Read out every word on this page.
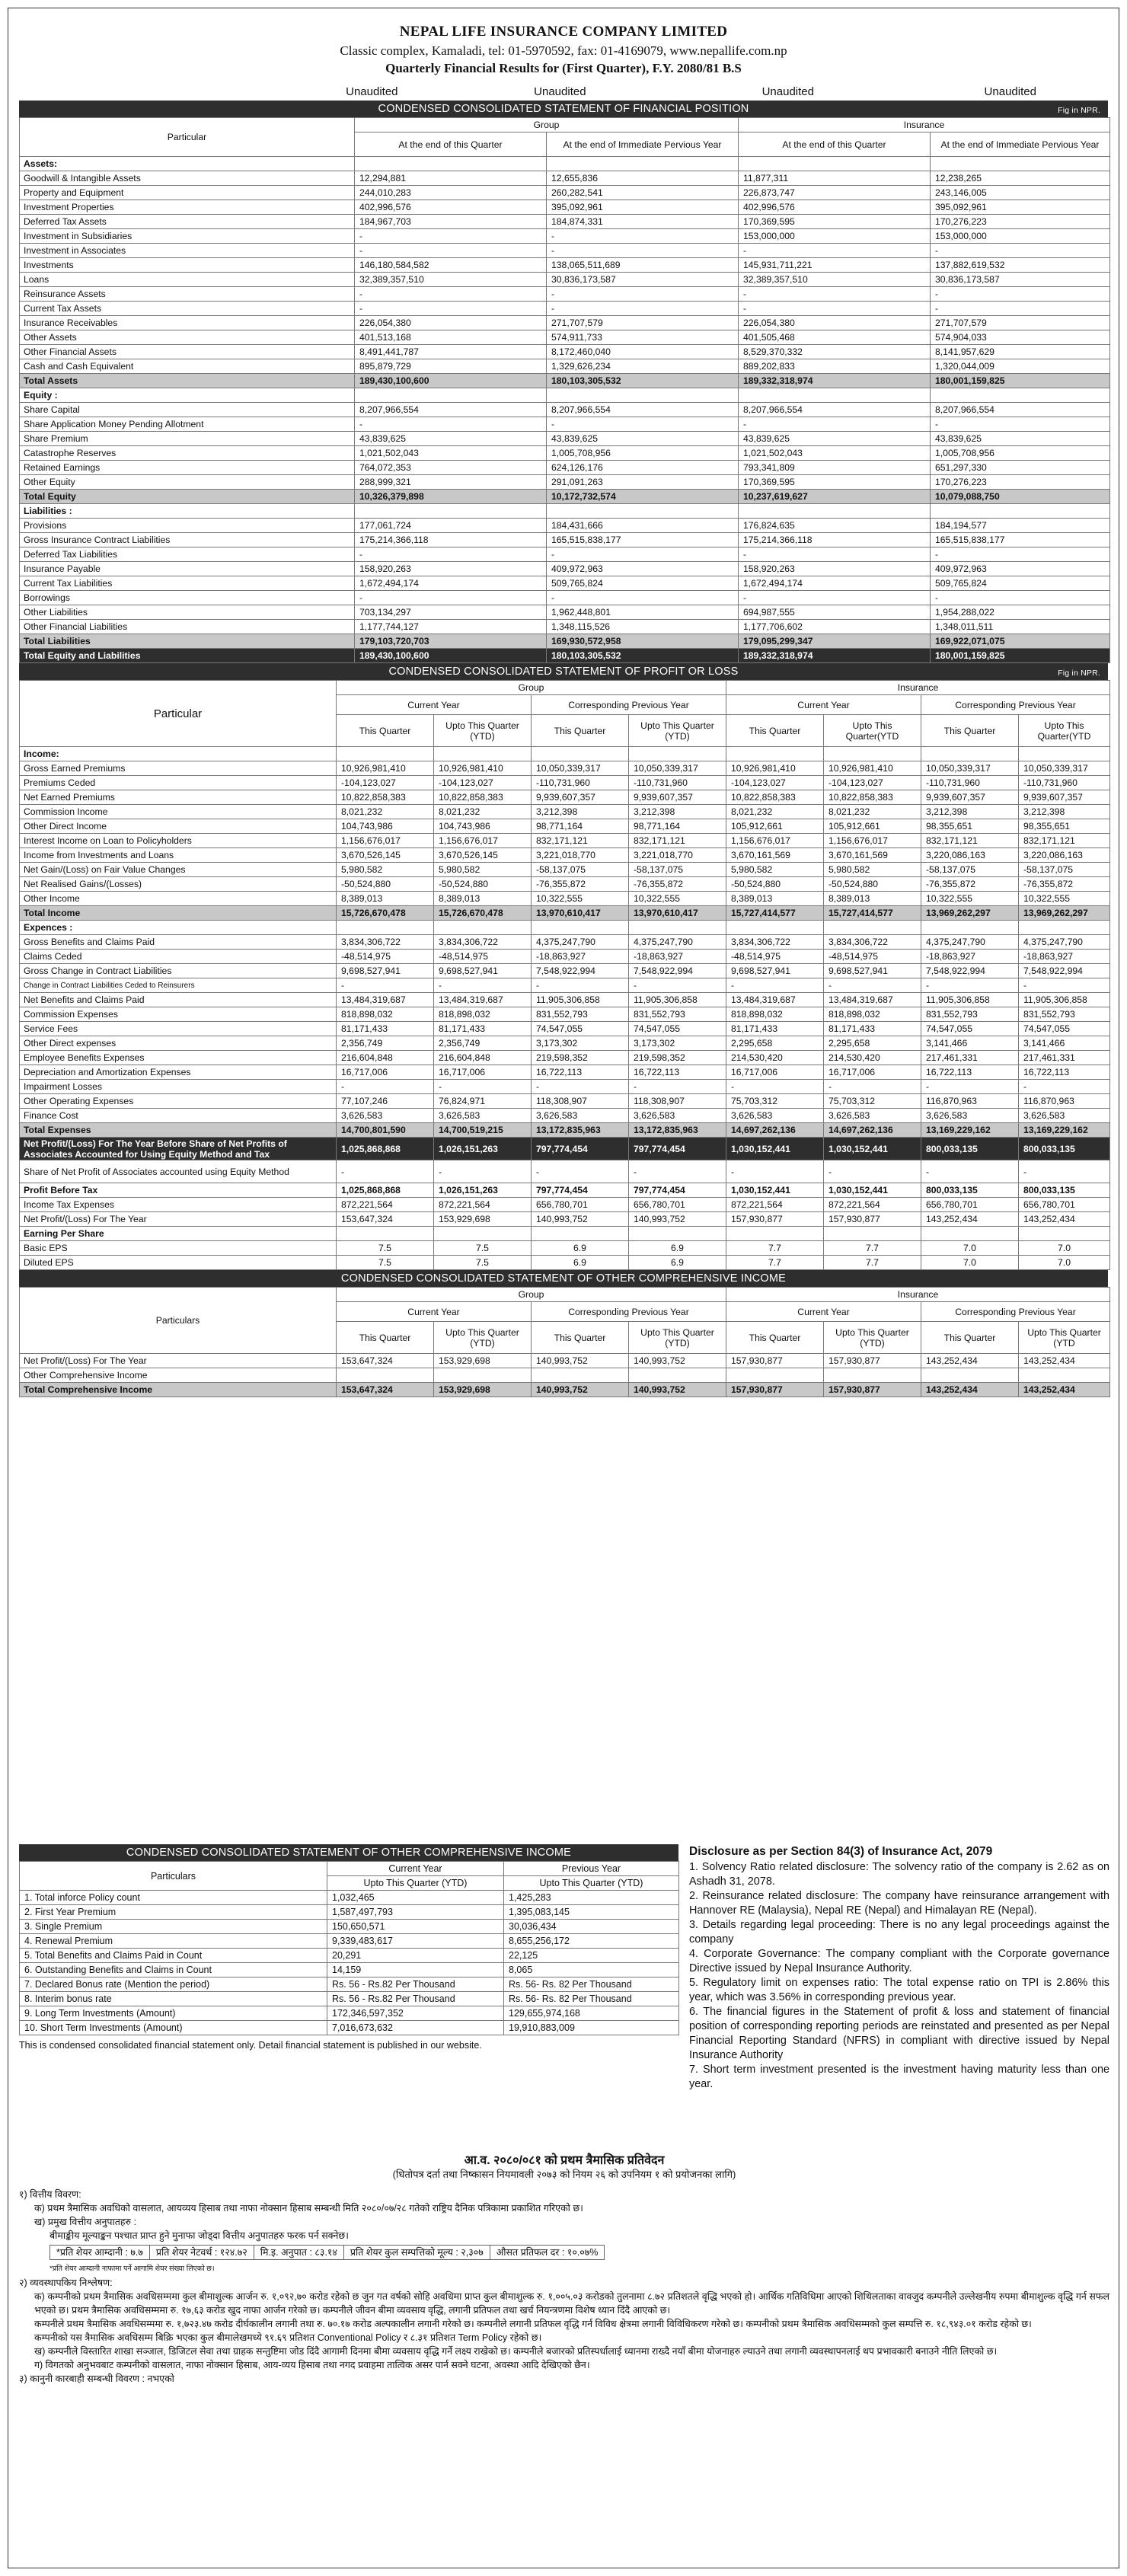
NEPAL LIFE INSURANCE COMPANY LIMITED
Classic complex, Kamaladi, tel: 01-5970592, fax: 01-4169079, www.nepallife.com.np
Quarterly Financial Results for (First Quarter), F.Y. 2080/81 B.S
Unaudited	Unaudited	Unaudited	Unaudited
CONDENSED CONSOLIDATED STATEMENT OF FINANCIAL POSITION	Fig in NPR.
Particular	Group		Insurance	
	At the end of this Quarter	At the end of Immediate Pervious Year	At the end of this Quarter	At the end of Immediate Pervious Year
Assets:				
Goodwill & Intangible Assets	12,294,881	12,655,836	11,877,311	12,238,265
Property and Equipment	244,010,283	260,282,541	226,873,747	243,146,005
Investment Properties	402,996,576	395,092,961	402,996,576	395,092,961
Deferred Tax Assets	184,967,703	184,874,331	170,369,595	170,276,223
Investment in Subsidiaries	-	-	153,000,000	153,000,000
Investment in Associates	-	-	-	-
Investments	146,180,584,582	138,065,511,689	145,931,711,221	137,882,619,532
Loans	32,389,357,510	30,836,173,587	32,389,357,510	30,836,173,587
Reinsurance Assets	-	-	-	-
Current Tax Assets	-	-	-	-
Insurance Receivables	226,054,380	271,707,579	226,054,380	271,707,579
Other Assets	401,513,168	574,911,733	401,505,468	574,904,033
Other Financial Assets	8,491,441,787	8,172,460,040	8,529,370,332	8,141,957,629
Cash and Cash Equivalent	895,879,729	1,329,626,234	889,202,833	1,320,044,009
Total Assets	189,430,100,600	180,103,305,532	189,332,318,974	180,001,159,825
Equity :				
Share Capital	8,207,966,554	8,207,966,554	8,207,966,554	8,207,966,554
Share Application Money Pending Allotment	-	-	-	-
Share Premium	43,839,625	43,839,625	43,839,625	43,839,625
Catastrophe Reserves	1,021,502,043	1,005,708,956	1,021,502,043	1,005,708,956
Retained Earnings	764,072,353	624,126,176	793,341,809	651,297,330
Other Equity	288,999,321	291,091,263	170,369,595	170,276,223
Total Equity	10,326,379,898	10,172,732,574	10,237,619,627	10,079,088,750
Liabilities :				
Provisions	177,061,724	184,431,666	176,824,635	184,194,577
Gross Insurance Contract Liabilities	175,214,366,118	165,515,838,177	175,214,366,118	165,515,838,177
Deferred Tax Liabilities	-	-	-	-
Insurance Payable	158,920,263	409,972,963	158,920,263	409,972,963
Current Tax Liabilities	1,672,494,174	509,765,824	1,672,494,174	509,765,824
Borrowings	-	-	-	-
Other Liabilities	703,134,297	1,962,448,801	694,987,555	1,954,288,022
Other Financial Liabilities	1,177,744,127	1,348,115,526	1,177,706,602	1,348,011,511
Total Liabilities	179,103,720,703	169,930,572,958	179,095,299,347	169,922,071,075
Total Equity and Liabilities	189,430,100,600	180,103,305,532	189,332,318,974	180,001,159,825
CONDENSED CONSOLIDATED STATEMENT OF PROFIT OR LOSS	Fig in NPR.
Particular	Group				Insurance			
	Current Year		Corresponding Previous Year		Current Year		Corresponding Previous Year	
	This Quarter	Upto This Quarter (YTD)	This Quarter	Upto This Quarter (YTD)	This Quarter	Upto This Quarter(YTD	This Quarter	Upto This Quarter(YTD
Income:								
Gross Earned Premiums	10,926,981,410	10,926,981,410	10,050,339,317	10,050,339,317	10,926,981,410	10,926,981,410	10,050,339,317	10,050,339,317
Premiums Ceded	-104,123,027	-104,123,027	-110,731,960	-110,731,960	-104,123,027	-104,123,027	-110,731,960	-110,731,960
Net Earned Premiums	10,822,858,383	10,822,858,383	9,939,607,357	9,939,607,357	10,822,858,383	10,822,858,383	9,939,607,357	9,939,607,357
Commission Income	8,021,232	8,021,232	3,212,398	3,212,398	8,021,232	8,021,232	3,212,398	3,212,398
Other Direct Income	104,743,986	104,743,986	98,771,164	98,771,164	105,912,661	105,912,661	98,355,651	98,355,651
Interest Income on Loan to Policyholders	1,156,676,017	1,156,676,017	832,171,121	832,171,121	1,156,676,017	1,156,676,017	832,171,121	832,171,121
Income from Investments and Loans	3,670,526,145	3,670,526,145	3,221,018,770	3,221,018,770	3,670,161,569	3,670,161,569	3,220,086,163	3,220,086,163
Net Gain/(Loss) on Fair Value Changes	5,980,582	5,980,582	-58,137,075	-58,137,075	5,980,582	5,980,582	-58,137,075	-58,137,075
Net Realised Gains/(Losses)	-50,524,880	-50,524,880	-76,355,872	-76,355,872	-50,524,880	-50,524,880	-76,355,872	-76,355,872
Other Income	8,389,013	8,389,013	10,322,555	10,322,555	8,389,013	8,389,013	10,322,555	10,322,555
Total Income	15,726,670,478	15,726,670,478	13,970,610,417	13,970,610,417	15,727,414,577	15,727,414,577	13,969,262,297	13,969,262,297
Expences :								
Gross Benefits and Claims Paid	3,834,306,722	3,834,306,722	4,375,247,790	4,375,247,790	3,834,306,722	3,834,306,722	4,375,247,790	4,375,247,790
Claims Ceded	-48,514,975	-48,514,975	-18,863,927	-18,863,927	-48,514,975	-48,514,975	-18,863,927	-18,863,927
Gross Change in Contract Liabilities	9,698,527,941	9,698,527,941	7,548,922,994	7,548,922,994	9,698,527,941	9,698,527,941	7,548,922,994	7,548,922,994
Change in Contract Liabilities Ceded to Reinsurers	-	-	-	-	-	-	-	-
Net Benefits and Claims Paid	13,484,319,687	13,484,319,687	11,905,306,858	11,905,306,858	13,484,319,687	13,484,319,687	11,905,306,858	11,905,306,858
Commission Expenses	818,898,032	818,898,032	831,552,793	831,552,793	818,898,032	818,898,032	831,552,793	831,552,793
Service Fees	81,171,433	81,171,433	74,547,055	74,547,055	81,171,433	81,171,433	74,547,055	74,547,055
Other Direct expenses	2,356,749	2,356,749	3,173,302	3,173,302	2,295,658	2,295,658	3,141,466	3,141,466
Employee Benefits Expenses	216,604,848	216,604,848	219,598,352	219,598,352	214,530,420	214,530,420	217,461,331	217,461,331
Depreciation and Amortization Expenses	16,717,006	16,717,006	16,722,113	16,722,113	16,717,006	16,717,006	16,722,113	16,722,113
Impairment Losses	-	-	-	-	-	-	-	-
Other Operating Expenses	77,107,246	76,824,971	118,308,907	118,308,907	75,703,312	75,703,312	116,870,963	116,870,963
Finance Cost	3,626,583	3,626,583	3,626,583	3,626,583	3,626,583	3,626,583	3,626,583	3,626,583
Total Expenses	14,700,801,590	14,700,519,215	13,172,835,963	13,172,835,963	14,697,262,136	14,697,262,136	13,169,229,162	13,169,229,162
Net Profit/(Loss) For The Year Before Share of Net Profits of Associates Accounted for Using Equity Method and Tax	1,025,868,868	1,026,151,263	797,774,454	797,774,454	1,030,152,441	1,030,152,441	800,033,135	800,033,135
Share of Net Profit of Associates accounted using Equity Method	-	-	-	-	-	-	-	-
Profit Before Tax	1,025,868,868	1,026,151,263	797,774,454	797,774,454	1,030,152,441	1,030,152,441	800,033,135	800,033,135
Income Tax Expenses	872,221,564	872,221,564	656,780,701	656,780,701	872,221,564	872,221,564	656,780,701	656,780,701
Net Profit/(Loss) For The Year	153,647,324	153,929,698	140,993,752	140,993,752	157,930,877	157,930,877	143,252,434	143,252,434
Earning Per Share								
Basic EPS	7.5	7.5	6.9	6.9	7.7	7.7	7.0	7.0
Diluted EPS	7.5	7.5	6.9	6.9	7.7	7.7	7.0	7.0
CONDENSED CONSOLIDATED STATEMENT OF OTHER COMPREHENSIVE INCOME
Particulars	Group				Insurance			
	Current Year		Corresponding Previous Year		Current Year		Corresponding Previous Year	
	This Quarter	Upto This Quarter (YTD)	This Quarter	Upto This Quarter (YTD)	This Quarter	Upto This Quarter (YTD)	This Quarter	Upto This Quarter (YTD
Net Profit/(Loss) For The Year	153,647,324	153,929,698	140,993,752	140,993,752	157,930,877	157,930,877	143,252,434	143,252,434
Other Comprehensive Income								
Total Comprehensive Income	153,647,324	153,929,698	140,993,752	140,993,752	157,930,877	157,930,877	143,252,434	143,252,434
CONDENSED CONSOLIDATED STATEMENT OF OTHER COMPREHENSIVE INCOME
Particulars	Current Year	Previous Year
	Upto This Quarter (YTD)	Upto This Quarter (YTD)
1. Total inforce Policy count	1,032,465	1,425,283
2. First Year Premium	1,587,497,793	1,395,083,145
3. Single Premium	150,650,571	30,036,434
4. Renewal Premium	9,339,483,617	8,655,256,172
5. Total Benefits and Claims Paid in Count	20,291	22,125
6. Outstanding Benefits and Claims in Count	14,159	8,065
7. Declared Bonus rate (Mention the period)	Rs. 56 - Rs.82 Per Thousand	Rs. 56- Rs. 82 Per Thousand
8. Interim bonus rate	Rs. 56 - Rs.82 Per Thousand	Rs. 56- Rs. 82 Per Thousand
9. Long Term Investments (Amount)	172,346,597,352	129,655,974,168
10. Short Term Investments (Amount)	7,016,673,632	19,910,883,009
This is condensed consolidated financial statement only. Detail financial statement is published in our website.
Disclosure as per Section 84(3) of Insurance Act, 2079

1. Solvency Ratio related disclosure: The solvency ratio of the company is 2.62 as on Ashadh 31, 2078.

2. Reinsurance related disclosure: The company have reinsurance arrangement with Hannover RE (Malaysia), Nepal RE (Nepal) and Himalayan RE (Nepal).

3. Details regarding legal proceeding: There is no any legal proceedings against the company

4. Corporate Governance: The company compliant with the Corporate governance Directive issued by Nepal Insurance Authority.

5. Regulatory limit on expenses ratio: The total expense ratio on TPI is 2.86% this year, which was 3.56% in corresponding previous year.

6. The financial figures in the Statement of profit & loss and statement of financial position of corresponding reporting periods are reinstated and presented as per Nepal Financial Reporting Standard (NFRS) in compliant with directive issued by Nepal Insurance Authority

7. Short term investment presented is the investment having maturity less than one year.

आ.व. २०८०/०८१ को प्रथम त्रैमासिक प्रतिवेदन
(धितोपत्र दर्ता तथा निष्कासन नियमावली २०७३ को नियम २६ को उपनियम १ को प्रयोजनका लागि)
१) वित्तीय विवरण:

क) प्रथम त्रैमासिक अवधिको वासलात, आयव्यय हिसाब तथा नाफा नोक्सान हिसाब सम्बन्धी मिति २०८०/०७/२८ गतेको राष्ट्रिय दैनिक पत्रिकामा प्रकाशित गरिएको छ।

ख) प्रमुख वित्तीय अनुपातहरु :

बीमाङ्कीय मूल्याङ्कन पश्चात प्राप्त हुने मुनाफा जोड्दा वित्तीय अनुपातहरु फरक पर्न सक्नेछ।

*प्रति शेयर आम्दानी : ७.७	प्रति शेयर नेटवर्थ : १२४.७२	मि.इ. अनुपात : ८३.१४	प्रति शेयर कुल सम्पत्तिको मूल्य : २,३०७	औसत प्रतिफल दर : १०.०७%
*प्रति शेयर आम्दानी नाफामा पर्ने आगामि शेयर संख्या लिएको छ।
२) व्यवस्थापकिय निश्लेषण:

क) कम्पनीको प्रथम त्रैमासिक अवधिसम्ममा कुल बीमाशुल्क आर्जन रु. १,०९२,७० करोड रहेको छ जुन गत वर्षको सोहि अवधिमा प्राप्त कुल बीमाशुल्क रु. १,००५.०३ करोडको तुलनामा ८.७२ प्रतिशतले वृद्धि भएको हो। आर्थिक गतिविधिमा आएको शिथिलताका वावजुद कम्पनीले उल्लेखनीय रुपमा बीमाशुल्क वृद्धि गर्न सफल भएको छ। प्रथम त्रैमासिक अवधिसम्ममा रु. १७,६३ करोड खुद नाफा आर्जन गरेको छ। कम्पनीले जीवन बीमा व्यवसाय वृद्धि, लगानी प्रतिफल तथा खर्च नियन्त्रणमा विशेष ध्यान दिंदै आएको छ।

कम्पनीले प्रथम त्रैमासिक अवधिसम्ममा रु. १,७२३.४७ करोड दीर्घकालीन लगानी तथा रु. ७०.१७ करोड अल्पकालीन लगानी गरेको छ। कम्पनीले लगानी प्रतिफल वृद्धि गर्न विविध क्षेत्रमा लगानी विविधिकरण गरेको छ। कम्पनीको प्रथम त्रैमासिक अवधिसम्मको कुल सम्पत्ति रु. १८,९४३.०१ करोड रहेको छ।

कम्पनीको यस त्रैमासिक अवधिसम्म बिक्रि भएका कुल बीमालेखमध्ये ९१.६९ प्रतिशत Conventional Policy र ८.३१ प्रतिशत Term Policy रहेको छ।

ख) कम्पनीले विस्तारित शाखा सञ्जाल, डिजिटल सेवा तथा ग्राहक सन्तुष्टिमा जोड दिंदै आगामी दिनमा बीमा व्यवसाय वृद्धि गर्ने लक्ष्य राखेको छ। कम्पनीले बजारको प्रतिस्पर्धालाई ध्यानमा राख्दै नयाँ बीमा योजनाहरु ल्याउने तथा लगानी व्यवस्थापनलाई थप प्रभावकारी बनाउने नीति लिएको छ।

ग) विगतको अनुभवबाट कम्पनीको वासलात, नाफा नोक्सान हिसाब, आय-व्यय हिसाब तथा नगद प्रवाहमा तात्विक असर पार्न सक्ने घटना, अवस्था आदि देखिएको छैन।

३) कानुनी कारबाही सम्बन्धी विवरण : नभएको
